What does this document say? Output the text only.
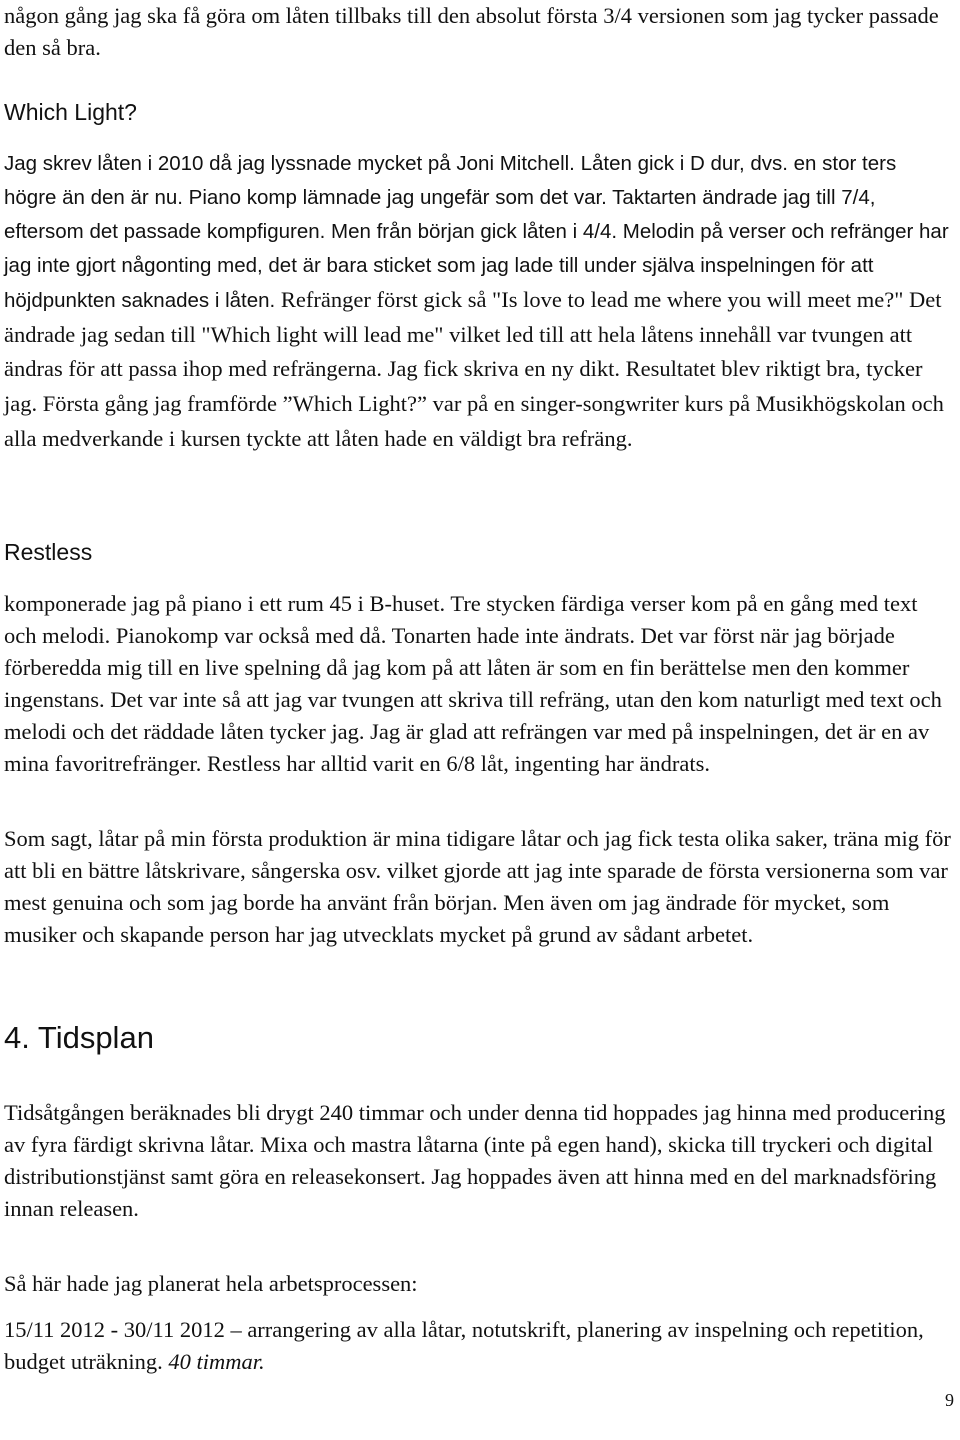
någon gång jag ska få göra om låten tillbaks till den absolut första 3/4 versionen som jag tycker passade den så bra.

Which Light?

Jag skrev låten i 2010 då jag lyssnade mycket på Joni Mitchell. Låten gick i D dur, dvs. en stor ters högre än den är nu. Piano komp lämnade jag ungefär som det var. Taktarten ändrade jag till 7/4, eftersom det passade kompfiguren. Men från början gick låten i 4/4. Melodin på verser och refränger har jag inte gjort någonting med, det är bara sticket som jag lade till under själva inspelningen för att höjdpunkten saknades i låten. Refränger först gick så "Is love to lead me where you will meet me?" Det ändrade jag sedan till "Which light will lead me" vilket led till att hela låtens innehåll var tvungen att ändras för att passa ihop med refrängerna. Jag fick skriva en ny dikt. Resultatet blev riktigt bra, tycker jag. Första gång jag framförde ”Which Light?” var på en singer-songwriter kurs på Musikhögskolan och alla medverkande i kursen tyckte att låten hade en väldigt bra refräng.

Restless

komponerade jag på piano i ett rum 45 i B-huset. Tre stycken färdiga verser kom på en gång med text och melodi. Pianokomp var också med då. Tonarten hade inte ändrats. Det var först när jag började förberedda mig till en live spelning då jag kom på att låten är som en fin berättelse men den kommer ingenstans. Det var inte så att jag var tvungen att skriva till refräng, utan den kom naturligt med text och melodi och det räddade låten tycker jag. Jag är glad att refrängen var med på inspelningen, det är en av mina favoritrefränger. Restless har alltid varit en 6/8 låt, ingenting har ändrats.

Som sagt, låtar på min första produktion är mina tidigare låtar och jag fick testa olika saker, träna mig för att bli en bättre låtskrivare, sångerska osv. vilket gjorde att jag inte sparade de första versionerna som var mest genuina och som jag borde ha använt från början. Men även om jag ändrade för mycket, som musiker och skapande person har jag utvecklats mycket på grund av sådant arbetet.

4. Tidsplan

Tidsåtgången beräknades bli drygt 240 timmar och under denna tid hoppades jag hinna med producering av fyra färdigt skrivna låtar. Mixa och mastra låtarna (inte på egen hand), skicka till tryckeri och digital distributionstjänst samt göra en releasekonsert. Jag hoppades även att hinna med en del marknadsföring innan releasen.

Så här hade jag planerat hela arbetsprocessen:

15/11 2012 - 30/11 2012 – arrangering av alla låtar, notutskrift, planering av inspelning och repetition, budget uträkning. 40 timmar.

9
